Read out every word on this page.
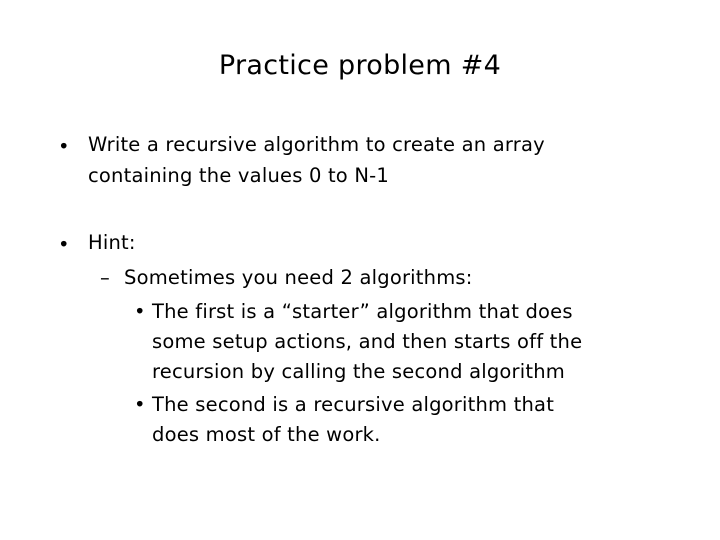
Practice problem #4
• Write a recursive algorithm to create an array
containing the values 0 to N-1
• Hint:
– Sometimes you need 2 algorithms:
• The first is a “starter” algorithm that does
some setup actions, and then starts off the
recursion by calling the second algorithm
• The second is a recursive algorithm that
does most of the work.
